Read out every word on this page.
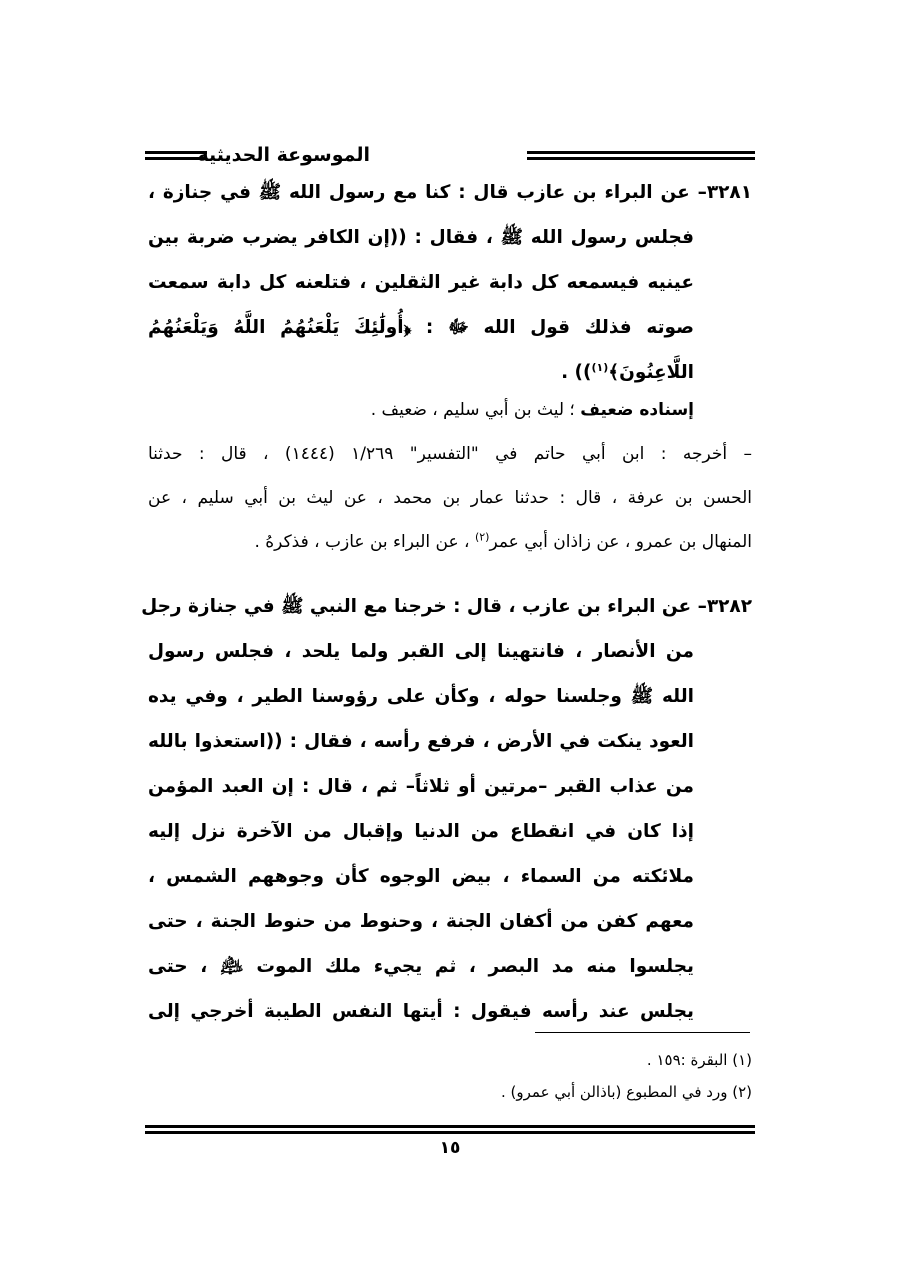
الموسوعة الحديثية
٣٢٨١– عن البراء بن عازب قال : كنا مع رسول الله ﷺ في جنازة ،
فجلس رسول الله ﷺ ، فقال : ((إن الكافر يضرب ضربة بين
عينيه فيسمعه كل دابة غير الثقلين ، فتلعنه كل دابة سمعت
صوته فذلك قول الله ﷻ : ﴿أُولَٰئِكَ يَلْعَنُهُمُ اللَّهُ وَيَلْعَنُهُمُ
اللَّاعِنُونَ﴾$^{(١)}$)) .
إسناده ضعيف ؛ ليث بن أبي سليم ، ضعيف .
– أخرجه : ابن أبي حاتم في "التفسير" ١/٢٦٩ (١٤٤٤) ، قال : حدثنا
الحسن بن عرفة ، قال : حدثنا عمار بن محمد ، عن ليث بن أبي سليم ، عن
المنهال بن عمرو ، عن زاذان أبي عمر$^{(٢)}$ ، عن البراء بن عازب ، فذكرهُ .
٣٢٨٢– عن البراء بن عازب ، قال : خرجنا مع النبي ﷺ في جنازة رجل
من الأنصار ، فانتهينا إلى القبر ولما يلحد ، فجلس رسول
الله ﷺ وجلسنا حوله ، وكأن على رؤوسنا الطير ، وفي يده
العود ينكت في الأرض ، فرفع رأسه ، فقال : ((استعذوا بالله
من عذاب القبر –مرتين أو ثلاثاً– ثم ، قال : إن العبد المؤمن
إذا كان في انقطاع من الدنيا وإقبال من الآخرة نزل إليه
ملائكته من السماء ، بيض الوجوه كأن وجوههم الشمس ،
معهم كفن من أكفان الجنة ، وحنوط من حنوط الجنة ، حتى
يجلسوا منه مد البصر ، ثم يجيء ملك الموت ﵇ ، حتى
يجلس عند رأسه فيقول : أيتها النفس الطيبة أخرجي إلى
(١) البقرة :١٥٩ .
(٢) ورد في المطبوع (باذالن أبي عمرو) .
١٥
